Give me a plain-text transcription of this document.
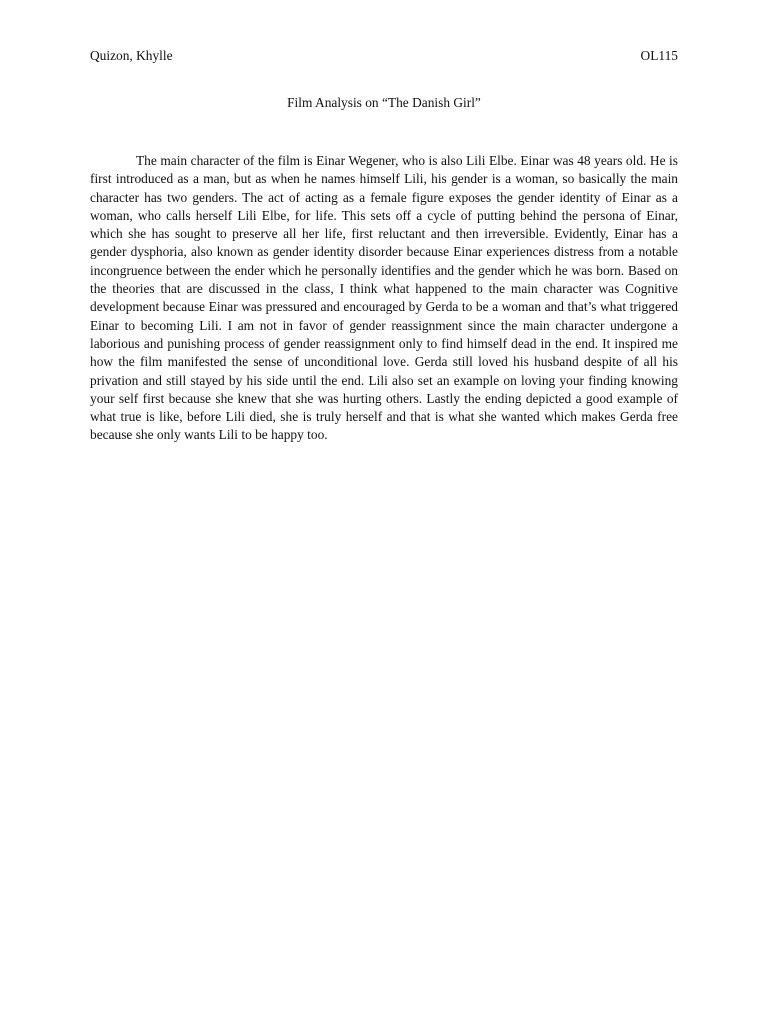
Quizon, Khylle	OL115
Film Analysis on “The Danish Girl”

The main character of the film is Einar Wegener, who is also Lili Elbe. Einar was 48 years old. He is first introduced as a man, but as when he names himself Lili, his gender is a woman, so basically the main character has two genders. The act of acting as a female figure exposes the gender identity of Einar as a woman, who calls herself Lili Elbe, for life. This sets off a cycle of putting behind the persona of Einar, which she has sought to preserve all her life, first reluctant and then irreversible. Evidently, Einar has a gender dysphoria, also known as gender identity disorder because Einar experiences distress from a notable incongruence between the ender which he personally identifies and the gender which he was born. Based on the theories that are discussed in the class, I think what happened to the main character was Cognitive development because Einar was pressured and encouraged by Gerda to be a woman and that’s what triggered Einar to becoming Lili. I am not in favor of gender reassignment since the main character undergone a laborious and punishing process of gender reassignment only to find himself dead in the end. It inspired me how the film manifested the sense of unconditional love. Gerda still loved his husband despite of all his privation and still stayed by his side until the end. Lili also set an example on loving your finding knowing your self first because she knew that she was hurting others. Lastly the ending depicted a good example of what true is like, before Lili died, she is truly herself and that is what she wanted which makes Gerda free because she only wants Lili to be happy too.
